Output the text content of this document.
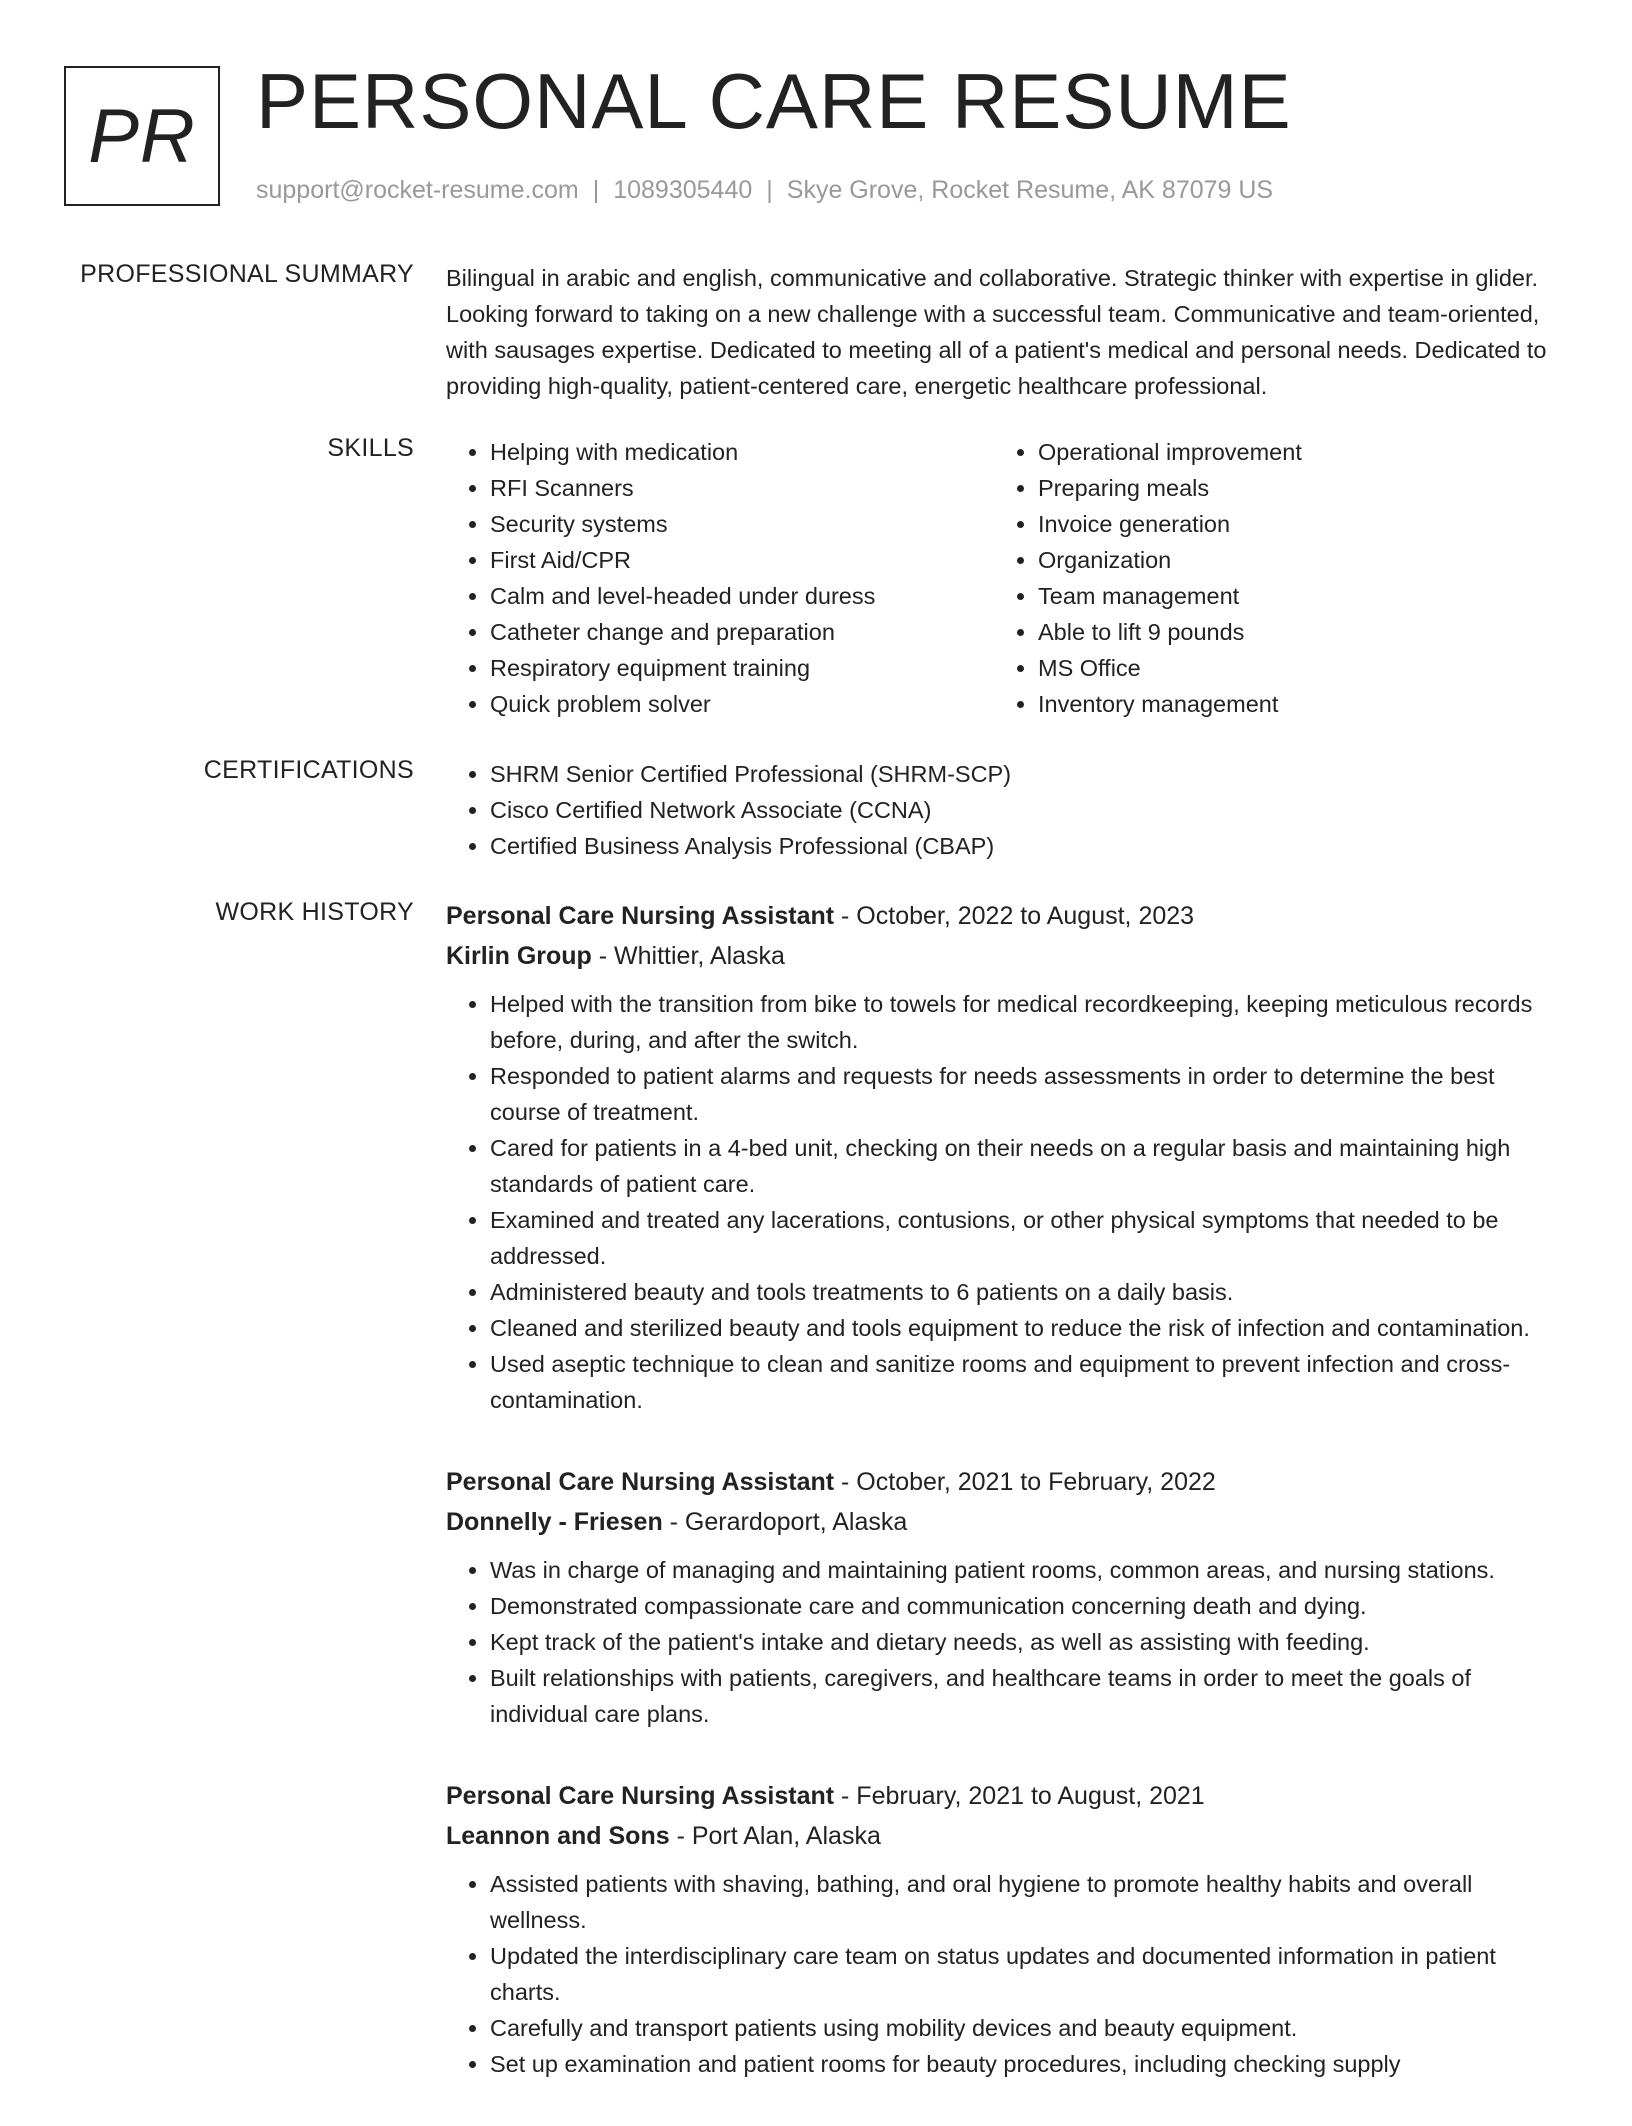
PR PERSONAL CARE RESUME
support@rocket-resume.com | 1089305440 | Skye Grove, Rocket Resume, AK 87079 US
PROFESSIONAL SUMMARY Bilingual in arabic and english, communicative and collaborative. Strategic thinker with expertise in glider. Looking forward to taking on a new challenge with a successful team. Communicative and team-oriented, with sausages expertise. Dedicated to meeting all of a patient's medical and personal needs. Dedicated to providing high-quality, patient-centered care, energetic healthcare professional.
SKILLS	• Helping with medication
• RFI Scanners
• Security systems
• First Aid/CPR
• Calm and level-headed under duress
• Catheter change and preparation
• Respiratory equipment training
• Quick problem solver
• Operational improvement
• Preparing meals
• Invoice generation
• Organization
• Team management
• Able to lift 9 pounds
• MS Office
• Inventory management
CERTIFICATIONS	• SHRM Senior Certified Professional (SHRM-SCP)
• Cisco Certified Network Associate (CCNA)
• Certified Business Analysis Professional (CBAP)
WORK HISTORY Personal Care Nursing Assistant - October, 2022 to August, 2023
Kirlin Group - Whittier, Alaska
• Helped with the transition from bike to towels for medical recordkeeping, keeping meticulous records before, during, and after the switch.
• Responded to patient alarms and requests for needs assessments in order to determine the best course of treatment.
• Cared for patients in a 4-bed unit, checking on their needs on a regular basis and maintaining high standards of patient care.
• Examined and treated any lacerations, contusions, or other physical symptoms that needed to be addressed.
• Administered beauty and tools treatments to 6 patients on a daily basis.
• Cleaned and sterilized beauty and tools equipment to reduce the risk of infection and contamination.
• Used aseptic technique to clean and sanitize rooms and equipment to prevent infection and cross-contamination.
Personal Care Nursing Assistant - October, 2021 to February, 2022
Donnelly - Friesen - Gerardoport, Alaska
• Was in charge of managing and maintaining patient rooms, common areas, and nursing stations.
• Demonstrated compassionate care and communication concerning death and dying.
• Kept track of the patient's intake and dietary needs, as well as assisting with feeding.
• Built relationships with patients, caregivers, and healthcare teams in order to meet the goals of individual care plans.
Personal Care Nursing Assistant - February, 2021 to August, 2021
Leannon and Sons - Port Alan, Alaska
• Assisted patients with shaving, bathing, and oral hygiene to promote healthy habits and overall wellness.
• Updated the interdisciplinary care team on status updates and documented information in patient charts.
• Carefully and transport patients using mobility devices and beauty equipment.
• Set up examination and patient rooms for beauty procedures, including checking supply
